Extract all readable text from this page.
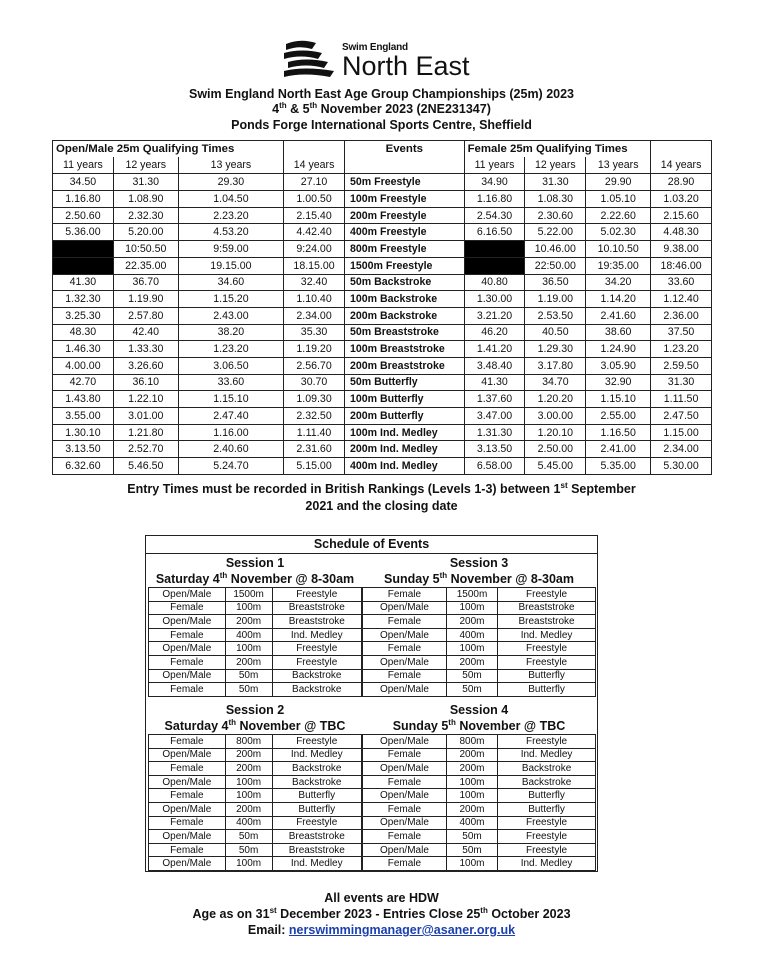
Swim England
North East
Swim England North East Age Group Championships (25m) 2023
4th & 5th November 2023 (2NE231347)
Ponds Forge International Sports Centre, Sheffield
Open/Male 25m Qualifying Times				Events	Female 25m Qualifying Times			
11 years	12 years	13 years	14 years		11 years	12 years	13 years	14 years
34.50	31.30	29.30	27.10	50m Freestyle	34.90	31.30	29.90	28.90
1.16.80	1.08.90	1.04.50	1.00.50	100m Freestyle	1.16.80	1.08.30	1.05.10	1.03.20
2.50.60	2.32.30	2.23.20	2.15.40	200m Freestyle	2.54.30	2.30.60	2.22.60	2.15.60
5.36.00	5.20.00	4.53.20	4.42.40	400m Freestyle	6.16.50	5.22.00	5.02.30	4.48.30
	10:50.50	9:59.00	9:24.00	800m Freestyle		10.46.00	10.10.50	9.38.00
	22.35.00	19.15.00	18.15.00	1500m Freestyle		22:50.00	19:35.00	18:46.00
41.30	36.70	34.60	32.40	50m Backstroke	40.80	36.50	34.20	33.60
1.32.30	1.19.90	1.15.20	1.10.40	100m Backstroke	1.30.00	1.19.00	1.14.20	1.12.40
3.25.30	2.57.80	2.43.00	2.34.00	200m Backstroke	3.21.20	2.53.50	2.41.60	2.36.00
48.30	42.40	38.20	35.30	50m Breaststroke	46.20	40.50	38.60	37.50
1.46.30	1.33.30	1.23.20	1.19.20	100m Breaststroke	1.41.20	1.29.30	1.24.90	1.23.20
4.00.00	3.26.60	3.06.50	2.56.70	200m Breaststroke	3.48.40	3.17.80	3.05.90	2.59.50
42.70	36.10	33.60	30.70	50m Butterfly	41.30	34.70	32.90	31.30
1.43.80	1.22.10	1.15.10	1.09.30	100m Butterfly	1.37.60	1.20.20	1.15.10	1.11.50
3.55.00	3.01.00	2.47.40	2.32.50	200m Butterfly	3.47.00	3.00.00	2.55.00	2.47.50
1.30.10	1.21.80	1.16.00	1.11.40	100m Ind. Medley	1.31.30	1.20.10	1.16.50	1.15.00
3.13.50	2.52.70	2.40.60	2.31.60	200m Ind. Medley	3.13.50	2.50.00	2.41.00	2.34.00
6.32.60	5.46.50	5.24.70	5.15.00	400m Ind. Medley	6.58.00	5.45.00	5.35.00	5.30.00
Entry Times must be recorded in British Rankings (Levels 1-3) between 1st September
2021 and the closing date
Schedule of Events
Session 1
Saturday 4th November @ 8-30am
Open/Male	1500m	Freestyle
Female	100m	Breaststroke
Open/Male	200m	Breaststroke
Female	400m	Ind. Medley
Open/Male	100m	Freestyle
Female	200m	Freestyle
Open/Male	50m	Backstroke
Female	50m	Backstroke
Session 3
Sunday 5th November @ 8-30am
Female	1500m	Freestyle
Open/Male	100m	Breaststroke
Female	200m	Breaststroke
Open/Male	400m	Ind. Medley
Female	100m	Freestyle
Open/Male	200m	Freestyle
Female	50m	Butterfly
Open/Male	50m	Butterfly
Session 2
Saturday 4th November @ TBC
Female	800m	Freestyle
Open/Male	200m	Ind. Medley
Female	200m	Backstroke
Open/Male	100m	Backstroke
Female	100m	Butterfly
Open/Male	200m	Butterfly
Female	400m	Freestyle
Open/Male	50m	Breaststroke
Female	50m	Breaststroke
Open/Male	100m	Ind. Medley
Session 4
Sunday 5th November @ TBC
Open/Male	800m	Freestyle
Female	200m	Ind. Medley
Open/Male	200m	Backstroke
Female	100m	Backstroke
Open/Male	100m	Butterfly
Female	200m	Butterfly
Open/Male	400m	Freestyle
Female	50m	Freestyle
Open/Male	50m	Freestyle
Female	100m	Ind. Medley
All events are HDW
Age as on 31st December 2023 - Entries Close 25th October 2023
Email: nerswimmingmanager@asaner.org.uk
